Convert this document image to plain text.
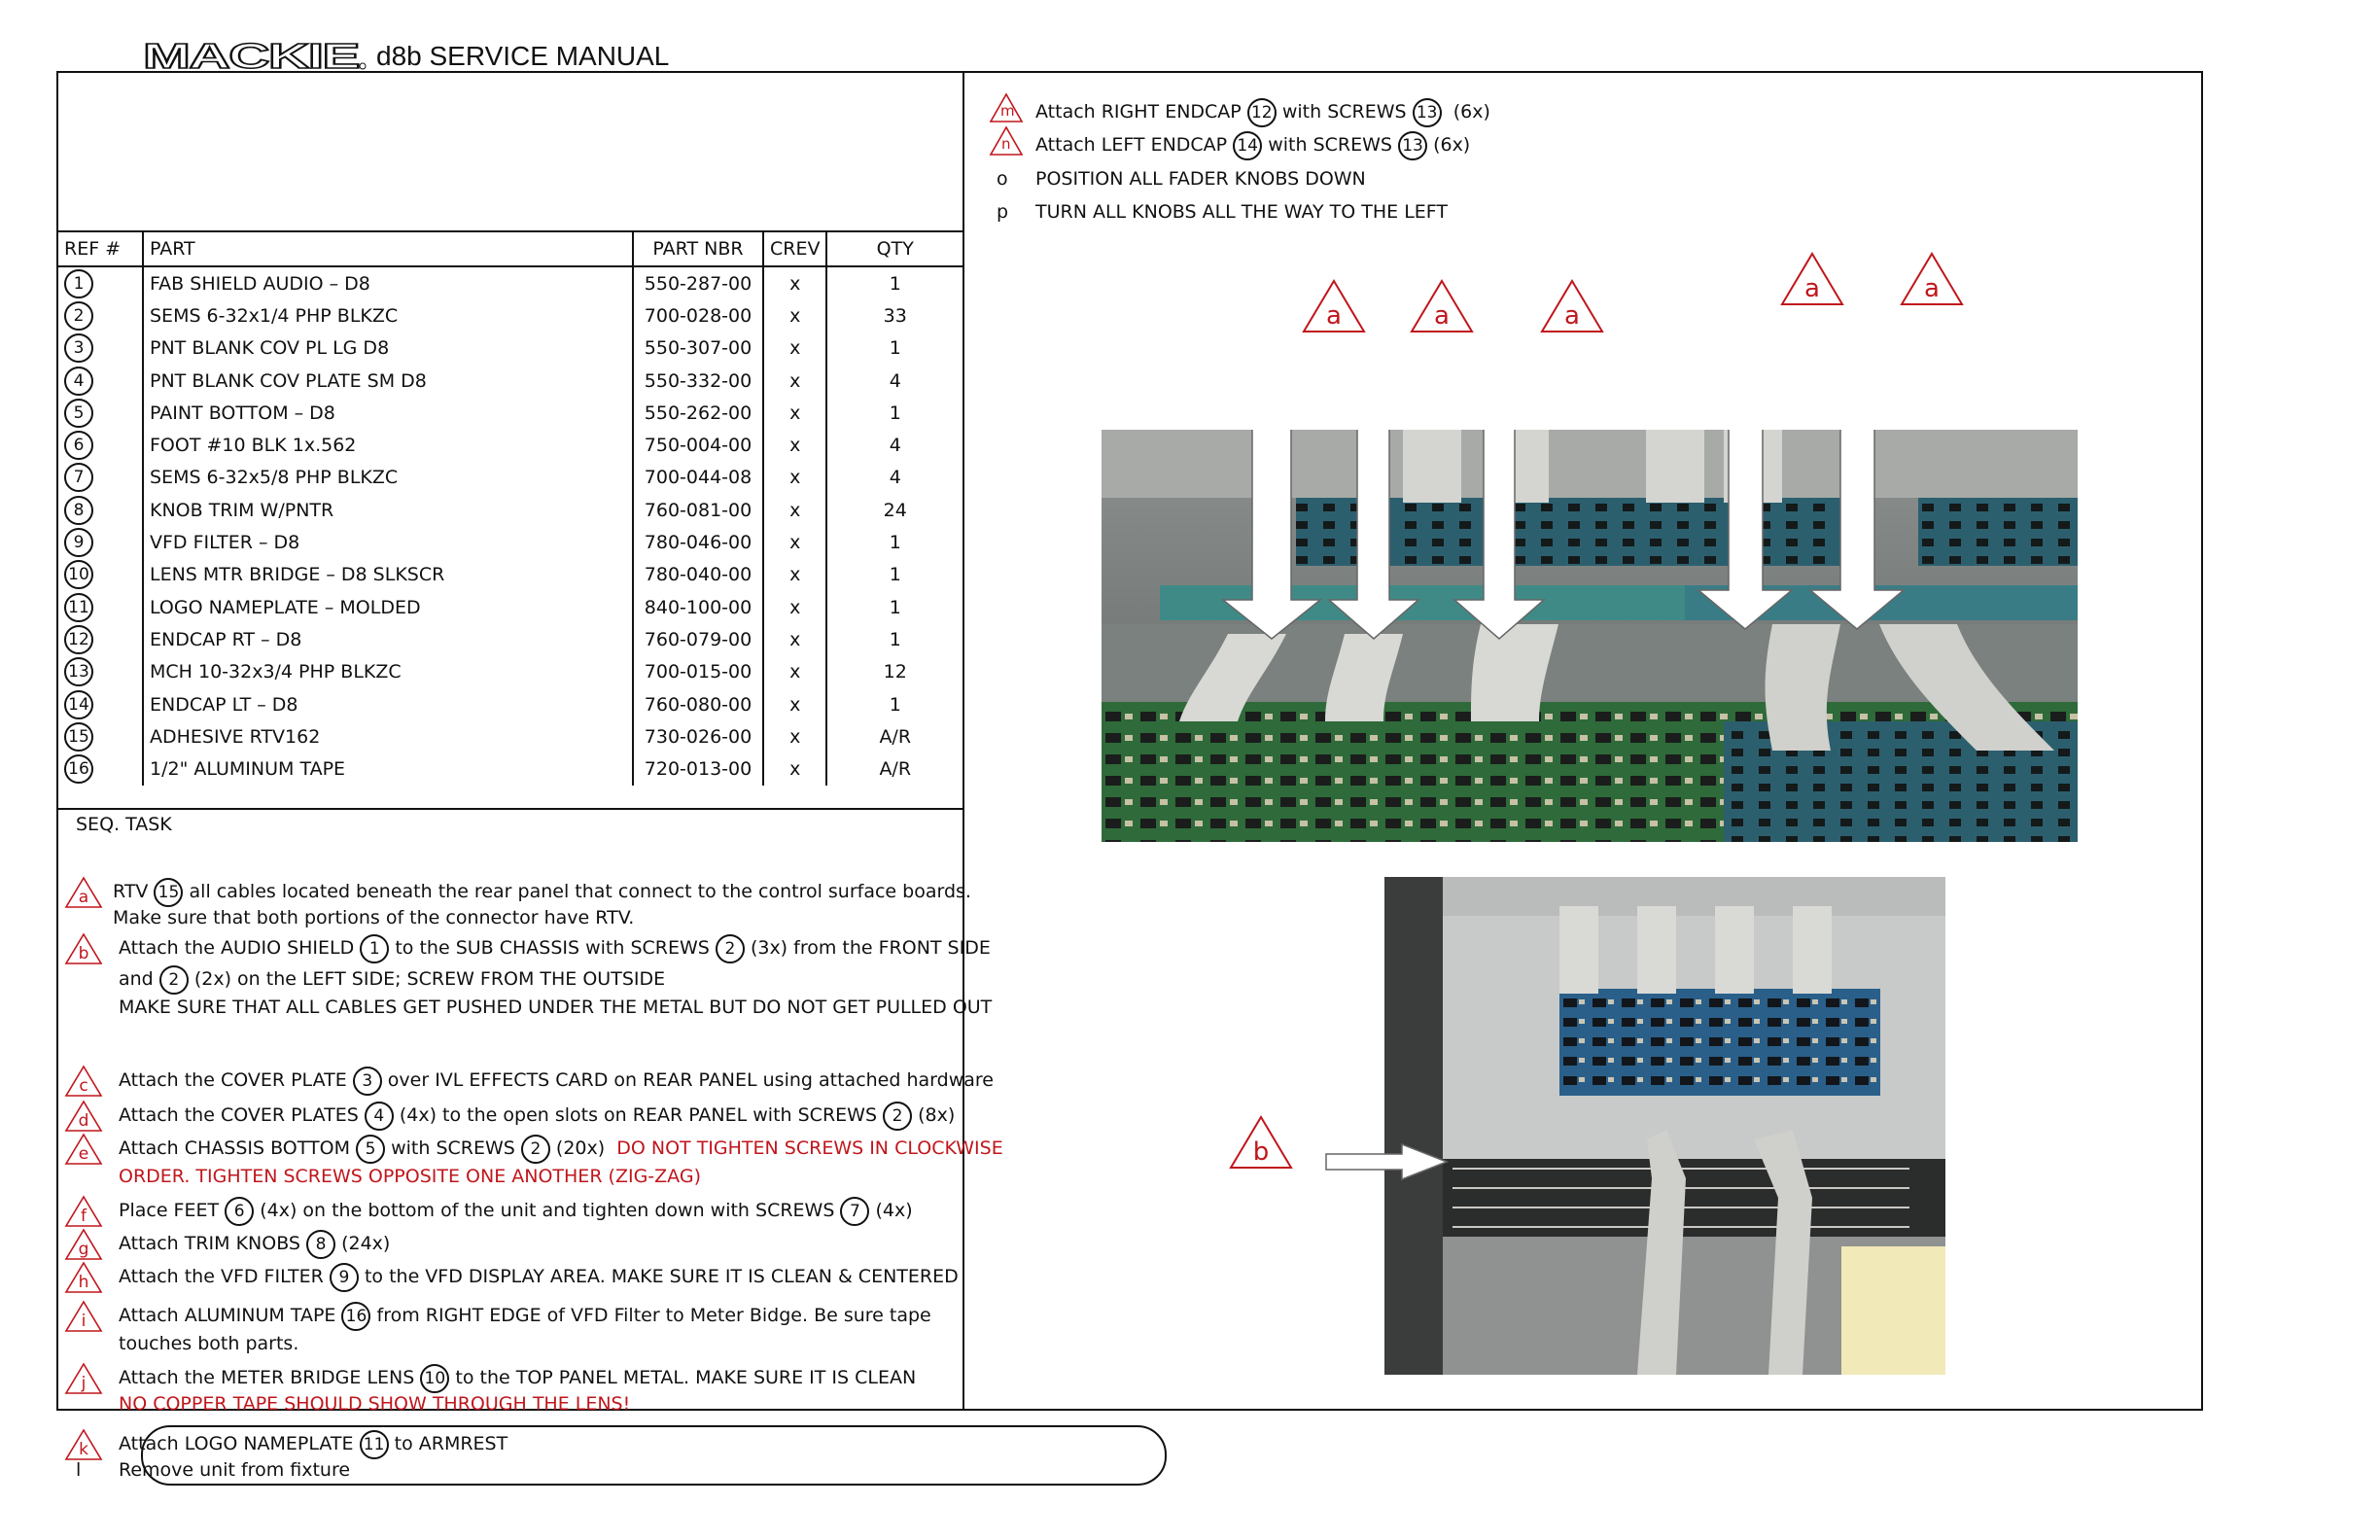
MACKIE d8b SERVICE MANUAL
REF #	PART	PART NBR	CREV	QTY
1	FAB SHIELD AUDIO – D8	550-287-00	x	1
2	SEMS 6-32x1/4 PHP BLKZC	700-028-00	x	33
3	PNT BLANK COV PL LG D8	550-307-00	x	1
4	PNT BLANK COV PLATE SM D8	550-332-00	x	4
5	PAINT BOTTOM – D8	550-262-00	x	1
6	FOOT #10 BLK 1x.562	750-004-00	x	4
7	SEMS 6-32x5/8 PHP BLKZC	700-044-08	x	4
8	KNOB TRIM W/PNTR	760-081-00	x	24
9	VFD FILTER – D8	780-046-00	x	1
10	LENS MTR BRIDGE – D8 SLKSCR	780-040-00	x	1
11	LOGO NAMEPLATE – MOLDED	840-100-00	x	1
12	ENDCAP RT – D8	760-079-00	x	1
13	MCH 10-32x3/4 PHP BLKZC	700-015-00	x	12
14	ENDCAP LT – D8	760-080-00	x	1
15	ADHESIVE RTV162	730-026-00	x	A/R
16	1/2" ALUMINUM TAPE	720-013-00	x	A/R
SEQ. TASK
a	RTV 15 all cables located beneath the rear panel that connect to the control surface boards.
Make sure that both portions of the connector have RTV.
b	Attach the AUDIO SHIELD 1 to the SUB CHASSIS with SCREWS 2 (3x) from the FRONT SIDE
and 2 (2x) on the LEFT SIDE; SCREW FROM THE OUTSIDE
MAKE SURE THAT ALL CABLES GET PUSHED UNDER THE METAL BUT DO NOT GET PULLED OUT
c	Attach the COVER PLATE 3 over IVL EFFECTS CARD on REAR PANEL using attached hardware
d	Attach the COVER PLATES 4 (4x) to the open slots on REAR PANEL with SCREWS 2 (8x)
e	Attach CHASSIS BOTTOM 5 with SCREWS 2 (20x) DO NOT TIGHTEN SCREWS IN CLOCKWISE
ORDER. TIGHTEN SCREWS OPPOSITE ONE ANOTHER (ZIG-ZAG)
f	Place FEET 6 (4x) on the bottom of the unit and tighten down with SCREWS 7 (4x)
g	Attach TRIM KNOBS 8 (24x)
h	Attach the VFD FILTER 9 to the VFD DISPLAY AREA. MAKE SURE IT IS CLEAN & CENTERED
i	Attach ALUMINUM TAPE 16 from RIGHT EDGE of VFD Filter to Meter Bidge. Be sure tape
touches both parts.
j	Attach the METER BRIDGE LENS 10 to the TOP PANEL METAL. MAKE SURE IT IS CLEAN
NO COPPER TAPE SHOULD SHOW THROUGH THE LENS!
k	Attach LOGO NAMEPLATE 11 to ARMREST
l Remove unit from fixture
m Attach RIGHT ENDCAP 12 with SCREWS 13 (6x)
n Attach LEFT ENDCAP 14 with SCREWS 13 (6x)
o POSITION ALL FADER KNOBS DOWN
p TURN ALL KNOBS ALL THE WAY TO THE LEFT
a	a	a
a	a
b
